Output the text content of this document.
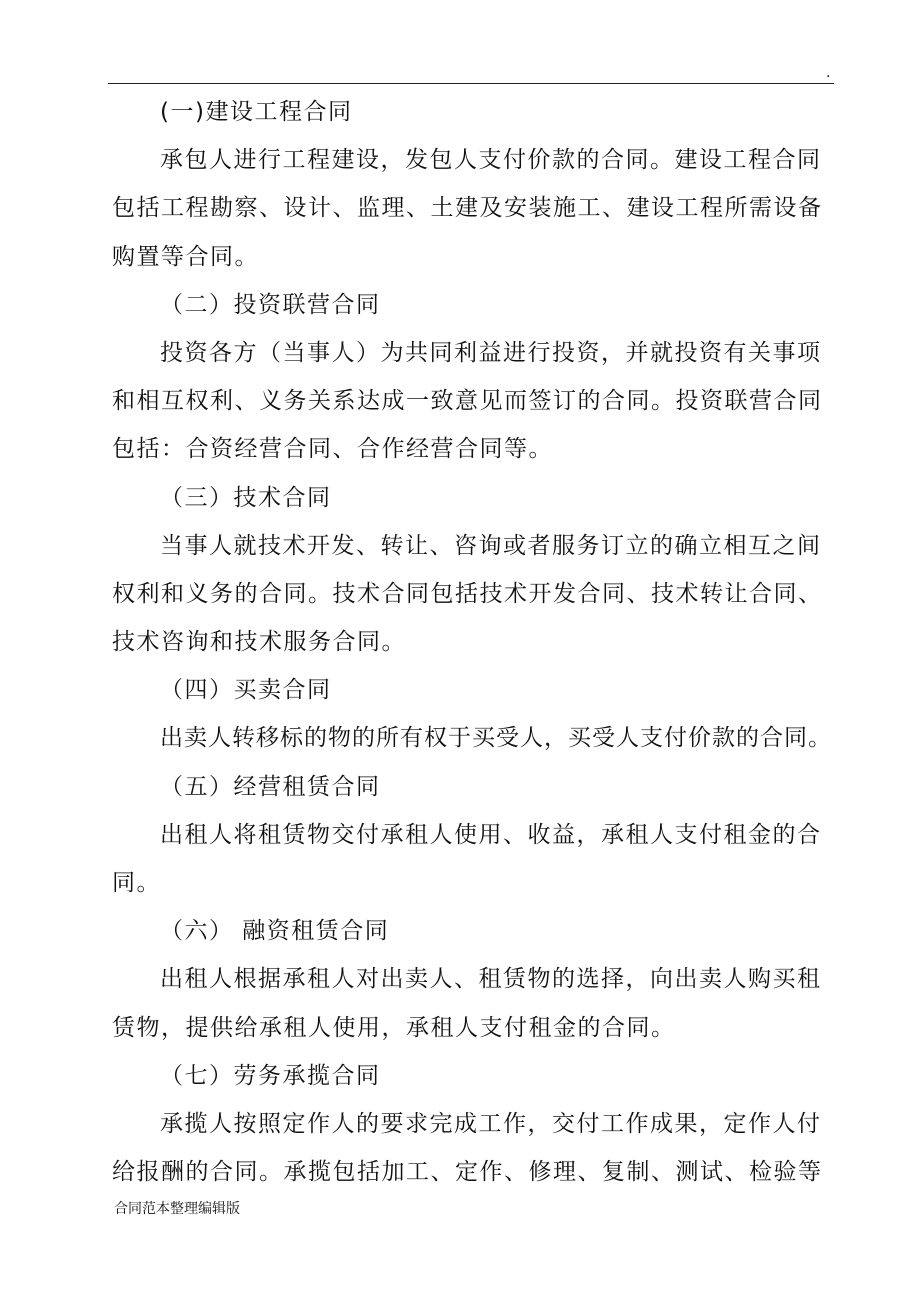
.
(一)建设工程合同
承包人进行工程建设，发包人支付价款的合同。建设工程合同
包括工程勘察、设计、监理、土建及安装施工、建设工程所需设备
购置等合同。
（二）投资联营合同
投资各方（当事人）为共同利益进行投资，并就投资有关事项
和相互权利、义务关系达成一致意见而签订的合同。投资联营合同
包括：合资经营合同、合作经营合同等。
（三）技术合同
当事人就技术开发、转让、咨询或者服务订立的确立相互之间
权利和义务的合同。技术合同包括技术开发合同、技术转让合同、
技术咨询和技术服务合同。
（四）买卖合同
出卖人转移标的物的所有权于买受人，买受人支付价款的合同。
（五）经营租赁合同
出租人将租赁物交付承租人使用、收益，承租人支付租金的合
同。
（六） 融资租赁合同
出租人根据承租人对出卖人、租赁物的选择，向出卖人购买租
赁物，提供给承租人使用，承租人支付租金的合同。
（七）劳务承揽合同
承揽人按照定作人的要求完成工作，交付工作成果，定作人付
给报酬的合同。承揽包括加工、定作、修理、复制、测试、检验等
合同范本整理编辑版
